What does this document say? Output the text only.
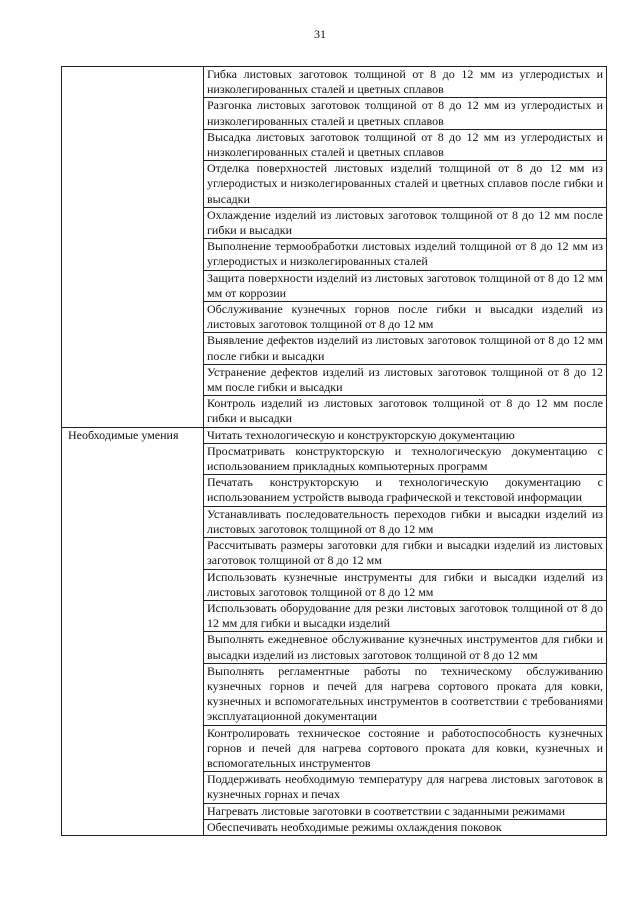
31
	Гибка листовых заготовок толщиной от 8 до 12 мм из углеродистых и низколегированных сталей и цветных сплавов
	Разгонка листовых заготовок толщиной от 8 до 12 мм из углеродистых и низколегированных сталей и цветных сплавов
	Высадка листовых заготовок толщиной от 8 до 12 мм из углеродистых и низколегированных сталей и цветных сплавов
	Отделка поверхностей листовых изделий толщиной от 8 до 12 мм из углеродистых и низколегированных сталей и цветных сплавов после гибки и высадки
	Охлаждение изделий из листовых заготовок толщиной от 8 до 12 мм после гибки и высадки
	Выполнение термообработки листовых изделий толщиной от 8 до 12 мм из углеродистых и низколегированных сталей
	Защита поверхности изделий из листовых заготовок толщиной от 8 до 12 мм мм от коррозии
	Обслуживание кузнечных горнов после гибки и высадки изделий из листовых заготовок толщиной от 8 до 12 мм
	Выявление дефектов изделий из листовых заготовок толщиной от 8 до 12 мм после гибки и высадки
	Устранение дефектов изделий из листовых заготовок толщиной от 8 до 12 мм после гибки и высадки
	Контроль изделий из листовых заготовок толщиной от 8 до 12 мм после гибки и высадки
Необходимые умения	Читать технологическую и конструкторскую документацию
	Просматривать конструкторскую и технологическую документацию с использованием прикладных компьютерных программ
	Печатать конструкторскую и технологическую документацию с использованием устройств вывода графической и текстовой информации
	Устанавливать последовательность переходов гибки и высадки изделий из листовых заготовок толщиной от 8 до 12 мм
	Рассчитывать размеры заготовки для гибки и высадки изделий из листовых заготовок толщиной от 8 до 12 мм
	Использовать кузнечные инструменты для гибки и высадки изделий из листовых заготовок толщиной от 8 до 12 мм
	Использовать оборудование для резки листовых заготовок толщиной от 8 до 12 мм для гибки и высадки изделий
	Выполнять ежедневное обслуживание кузнечных инструментов для гибки и высадки изделий из листовых заготовок толщиной от 8 до 12 мм
	Выполнять регламентные работы по техническому обслуживанию кузнечных горнов и печей для нагрева сортового проката для ковки, кузнечных и вспомогательных инструментов в соответствии с требованиями эксплуатационной документации
	Контролировать техническое состояние и работоспособность кузнечных горнов и печей для нагрева сортового проката для ковки, кузнечных и вспомогательных инструментов
	Поддерживать необходимую температуру для нагрева листовых заготовок в кузнечных горнах и печах
	Нагревать листовые заготовки в соответствии с заданными режимами
	Обеспечивать необходимые режимы охлаждения поковок
